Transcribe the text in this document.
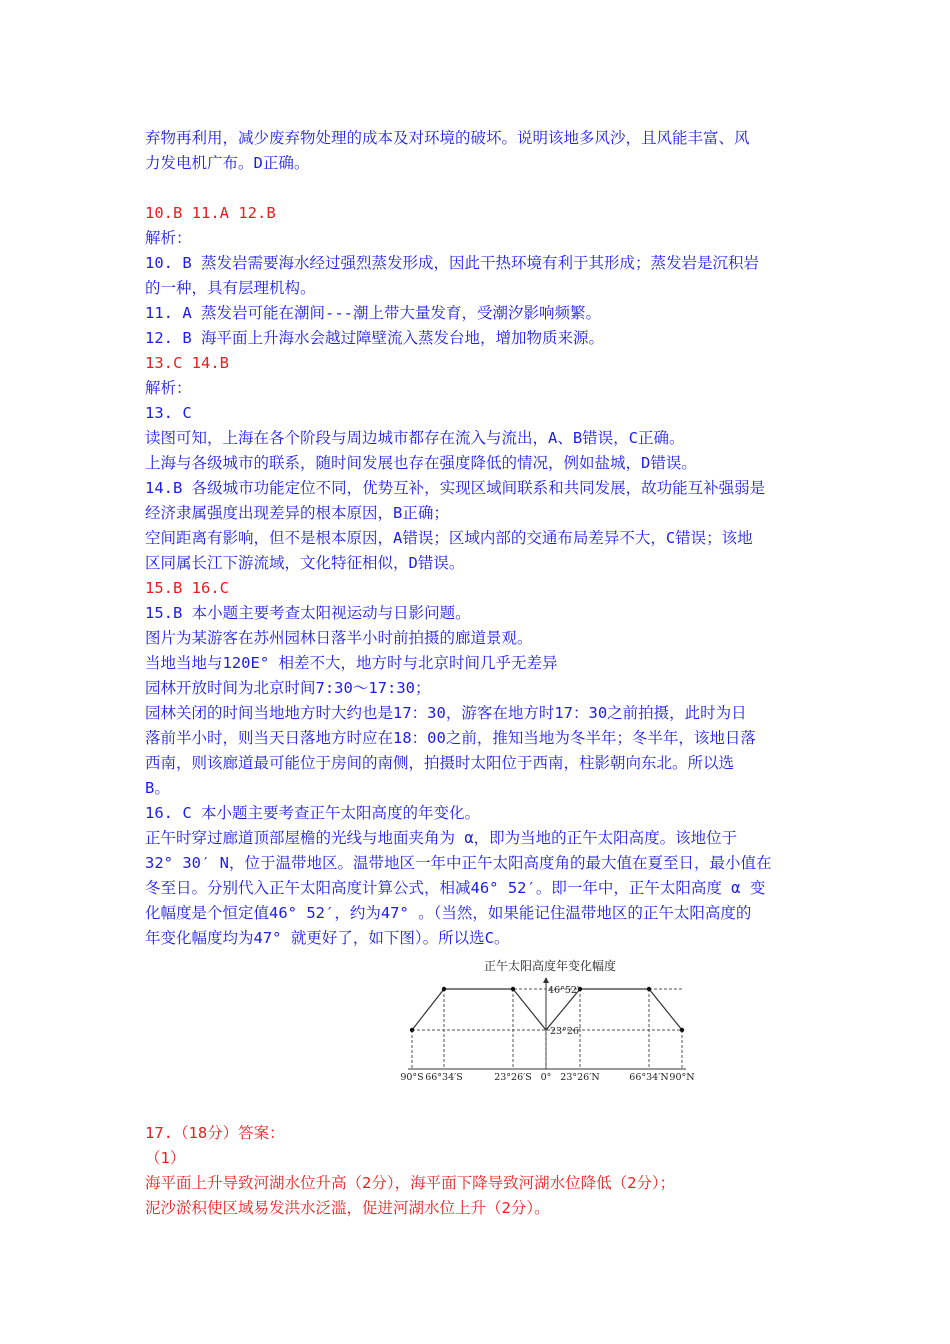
弃物再利用，减少废弃物处理的成本及对环境的破坏。说明该地多风沙，且风能丰富、风
力发电机广布。D正确。
10.B 11.A 12.B
解析：
10. B 蒸发岩需要海水经过强烈蒸发形成，因此干热环境有利于其形成；蒸发岩是沉积岩
的一种，具有层理机构。
11. A 蒸发岩可能在潮间---潮上带大量发育，受潮汐影响频繁。
12. B 海平面上升海水会越过障壁流入蒸发台地，增加物质来源。
13.C 14.B
解析：
13. C
读图可知，上海在各个阶段与周边城市都存在流入与流出，A、B错误，C正确。
上海与各级城市的联系，随时间发展也存在强度降低的情况，例如盐城，D错误。
14.B 各级城市功能定位不同，优势互补，实现区域间联系和共同发展，故功能互补强弱是
经济隶属强度出现差异的根本原因，B正确；
空间距离有影响，但不是根本原因，A错误；区域内部的交通布局差异不大，C错误；该地
区同属长江下游流域，文化特征相似，D错误。
15.B 16.C
15.B 本小题主要考查太阳视运动与日影问题。
图片为某游客在苏州园林日落半小时前拍摄的廊道景观。
当地当地与120E° 相差不大，地方时与北京时间几乎无差异
园林开放时间为北京时间7:30～17:30；
园林关闭的时间当地地方时大约也是17：30，游客在地方时17：30之前拍摄，此时为日
落前半小时，则当天日落地方时应在18：00之前，推知当地为冬半年；冬半年，该地日落
西南，则该廊道最可能位于房间的南侧，拍摄时太阳位于西南，柱影朝向东北。所以选
B。
16. C 本小题主要考查正午太阳高度的年变化。
正午时穿过廊道顶部屋檐的光线与地面夹角为 α，即为当地的正午太阳高度。该地位于
32° 30′ N，位于温带地区。温带地区一年中正午太阳高度角的最大值在夏至日，最小值在
冬至日。分别代入正午太阳高度计算公式，相减46° 52′。即一年中，正午太阳高度 α 变
化幅度是个恒定值46° 52′，约为47° 。（当然，如果能记住温带地区的正午太阳高度的
年变化幅度均为47° 就更好了，如下图）。所以选C。
正午太阳高度年变化幅度
90°S 66°34′S	23°26′S 0° 23°26′N	66°34′N 90°N
46°52′
23°26′
17.（18分）答案：
（1）
海平面上升导致河湖水位升高（2分），海平面下降导致河湖水位降低（2分）；
泥沙淤积使区域易发洪水泛滥，促进河湖水位上升（2分）。
